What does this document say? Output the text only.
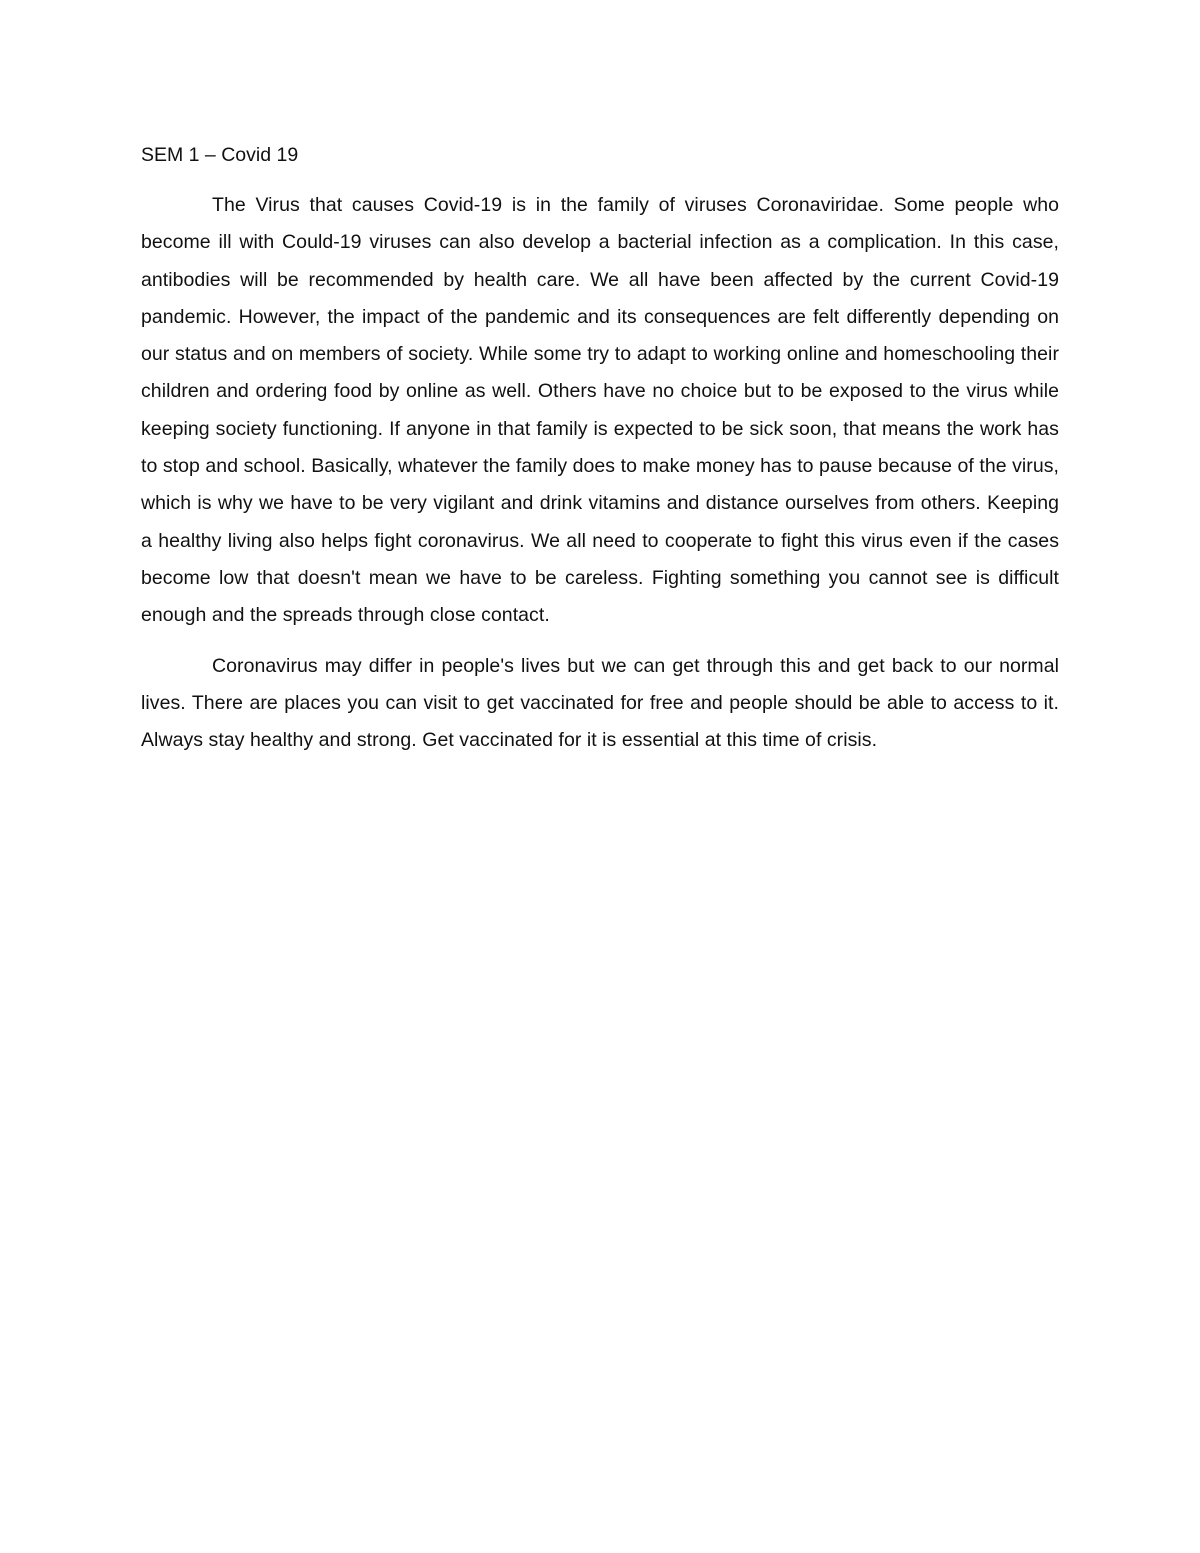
SEM 1 – Covid 19

The Virus that causes Covid-19 is in the family of viruses Coronaviridae. Some people who become ill with Could-19 viruses can also develop a bacterial infection as a complication. In this case, antibodies will be recommended by health care. We all have been affected by the current Covid-19 pandemic. However, the impact of the pandemic and its consequences are felt differently depending on our status and on members of society. While some try to adapt to working online and homeschooling their children and ordering food by online as well. Others have no choice but to be exposed to the virus while keeping society functioning. If anyone in that family is expected to be sick soon, that means the work has to stop and school. Basically, whatever the family does to make money has to pause because of the virus, which is why we have to be very vigilant and drink vitamins and distance ourselves from others. Keeping a healthy living also helps fight coronavirus. We all need to cooperate to fight this virus even if the cases become low that doesn't mean we have to be careless. Fighting something you cannot see is difficult enough and the spreads through close contact.

Coronavirus may differ in people's lives but we can get through this and get back to our normal lives. There are places you can visit to get vaccinated for free and people should be able to access to it. Always stay healthy and strong. Get vaccinated for it is essential at this time of crisis.
